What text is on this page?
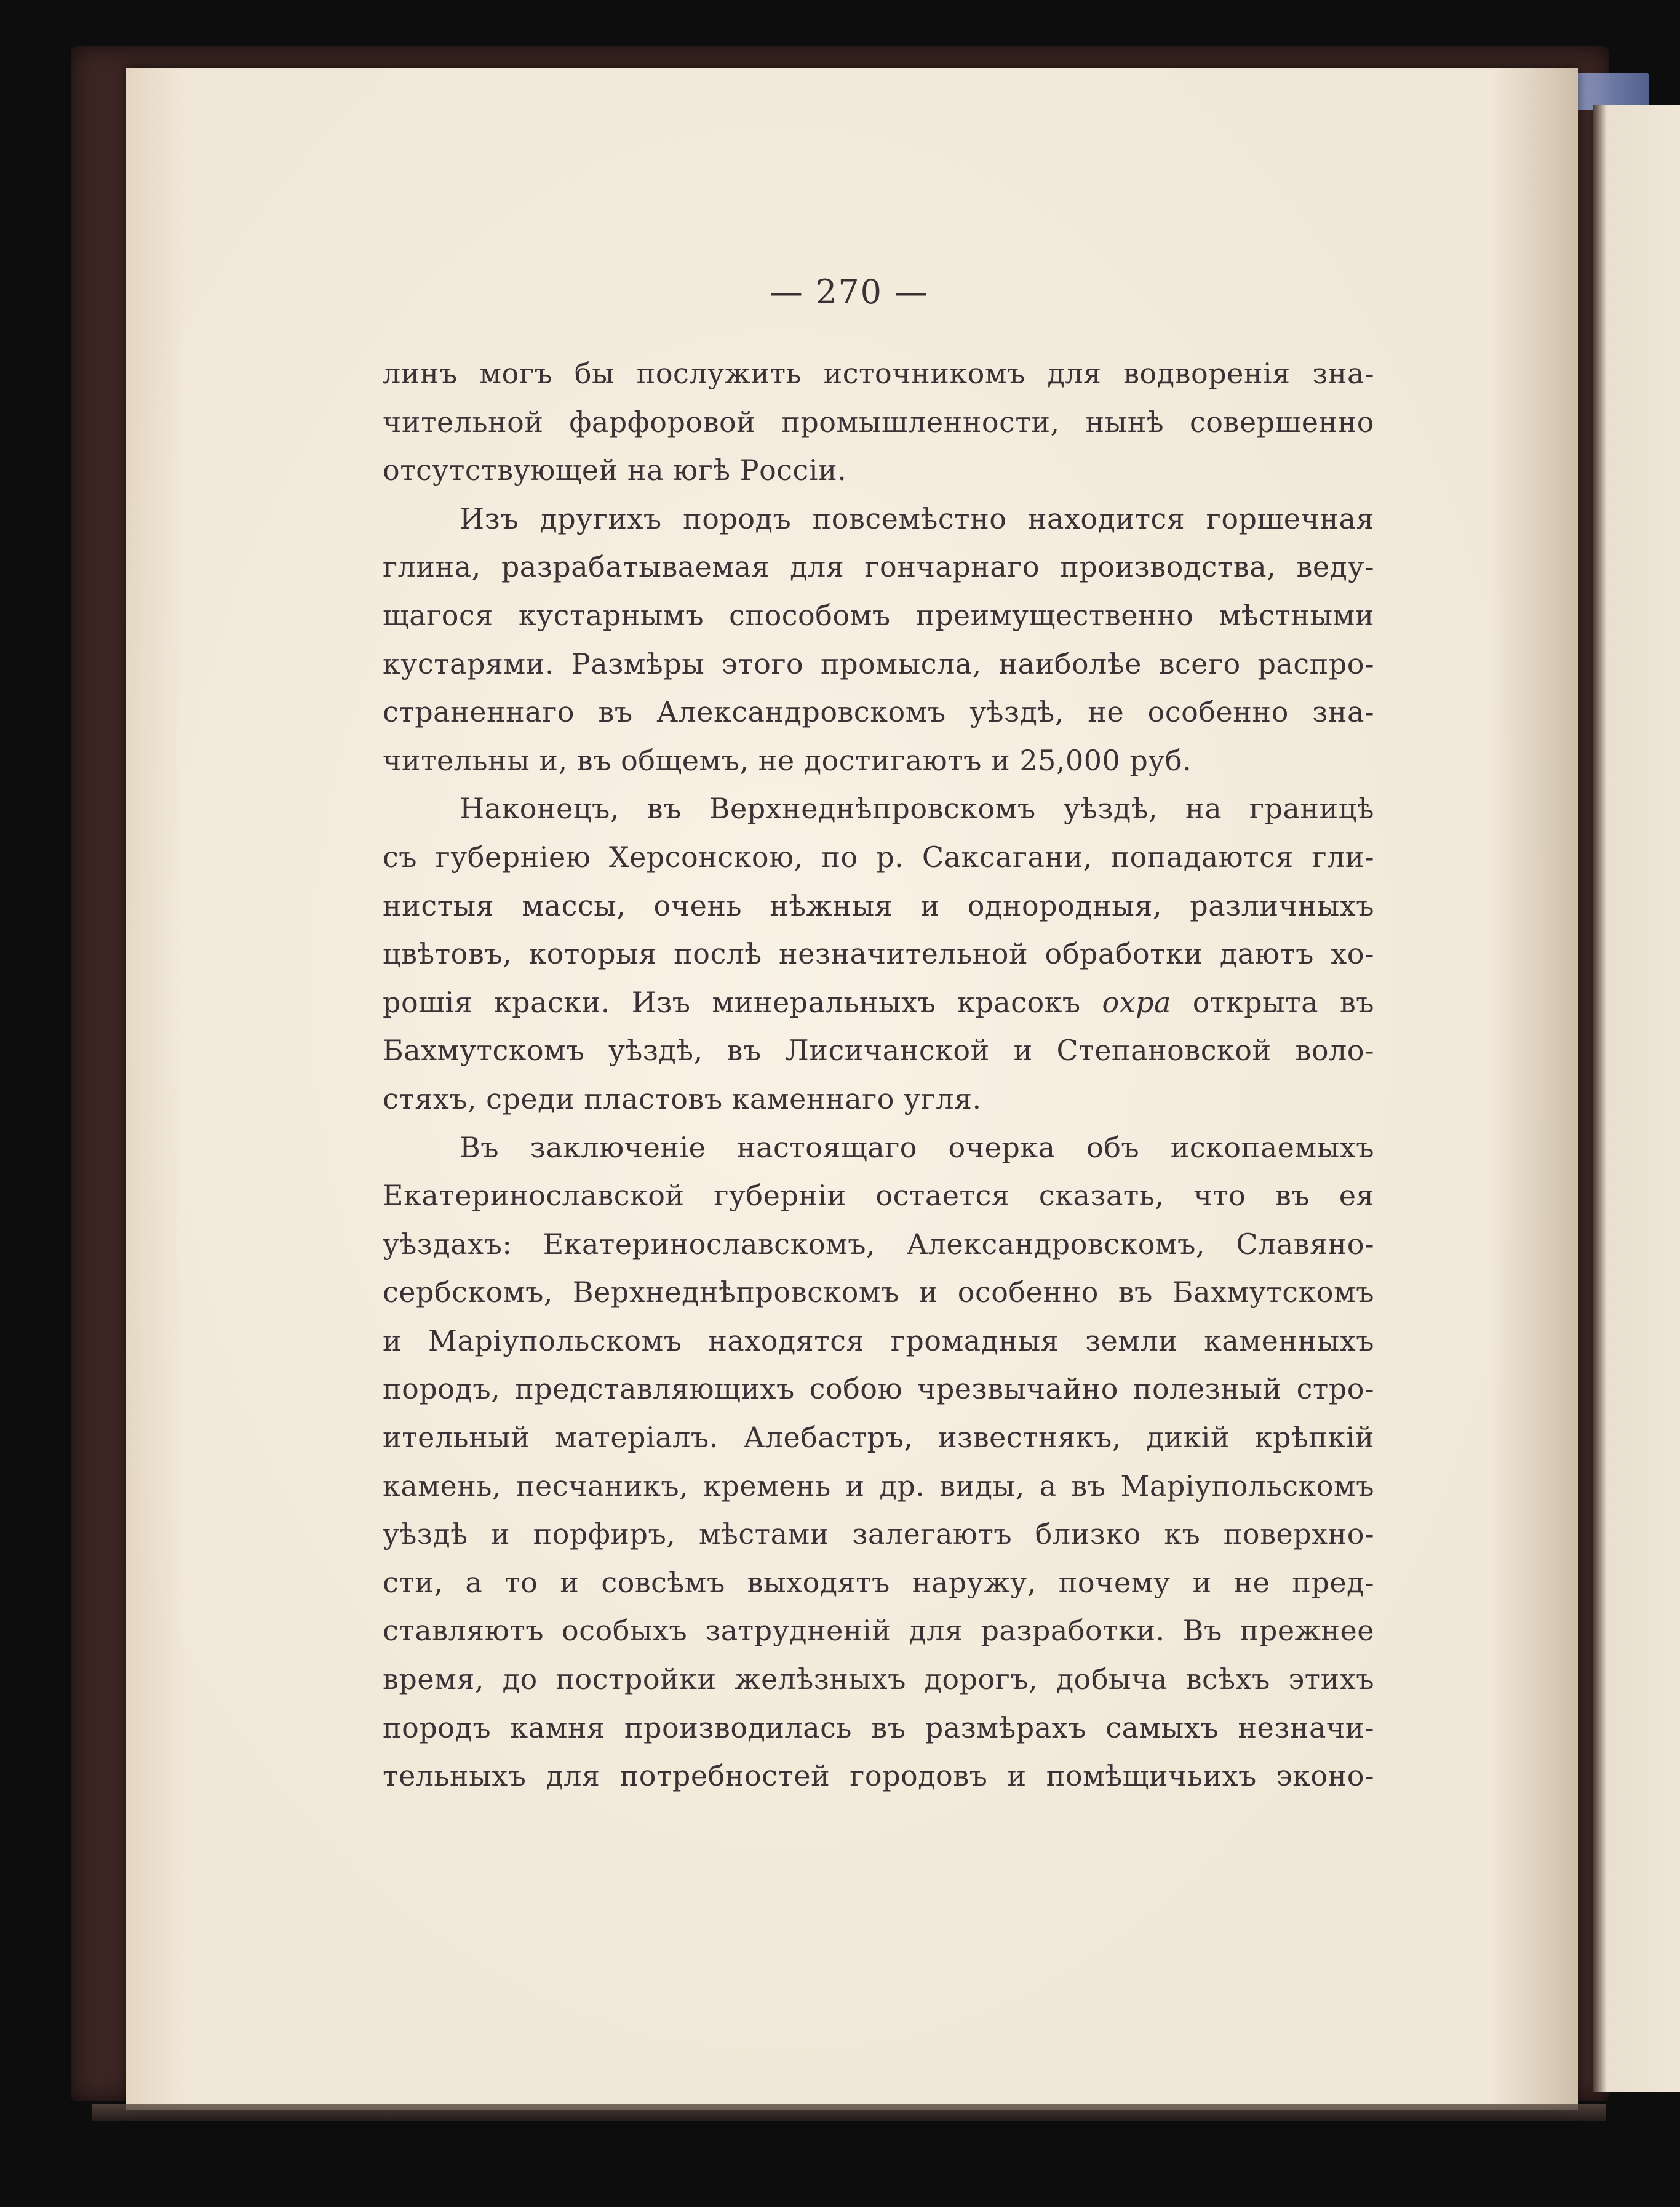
— 270 —
линъ могъ бы послужить источникомъ для водворенія зна-
чительной фарфоровой промышленности, нынѣ совершенно
отсутствующей на югѣ Россіи.
Изъ другихъ породъ повсемѣстно находится горшечная
глина, разрабатываемая для гончарнаго производства, веду-
щагося кустарнымъ способомъ преимущественно мѣстными
кустарями. Размѣры этого промысла, наиболѣе всего распро-
страненнаго въ Александровскомъ уѣздѣ, не особенно зна-
чительны и, въ общемъ, не достигаютъ и 25,000 руб.
Наконецъ, въ Верхнеднѣпровскомъ уѣздѣ, на границѣ
съ губерніею Херсонскою, по р. Саксагани, попадаются гли-
нистыя массы, очень нѣжныя и однородныя, различныхъ
цвѣтовъ, которыя послѣ незначительной обработки даютъ хо-
рошія краски. Изъ минеральныхъ красокъ охра открыта въ
Бахмутскомъ уѣздѣ, въ Лисичанской и Степановской воло-
стяхъ, среди пластовъ каменнаго угля.
Въ заключеніе настоящаго очерка объ ископаемыхъ
Екатеринославской губерніи остается сказать, что въ ея
уѣздахъ: Екатеринославскомъ, Александровскомъ, Славяно-
сербскомъ, Верхнеднѣпровскомъ и особенно въ Бахмутскомъ
и Маріупольскомъ находятся громадныя земли каменныхъ
породъ, представляющихъ собою чрезвычайно полезный стро-
ительный матеріалъ. Алебастръ, известнякъ, дикій крѣпкій
камень, песчаникъ, кремень и др. виды, а въ Маріупольскомъ
уѣздѣ и порфиръ, мѣстами залегаютъ близко къ поверхно-
сти, а то и совсѣмъ выходятъ наружу, почему и не пред-
ставляютъ особыхъ затрудненій для разработки. Въ прежнее
время, до постройки желѣзныхъ дорогъ, добыча всѣхъ этихъ
породъ камня производилась въ размѣрахъ самыхъ незначи-
тельныхъ для потребностей городовъ и помѣщичьихъ эконо-
